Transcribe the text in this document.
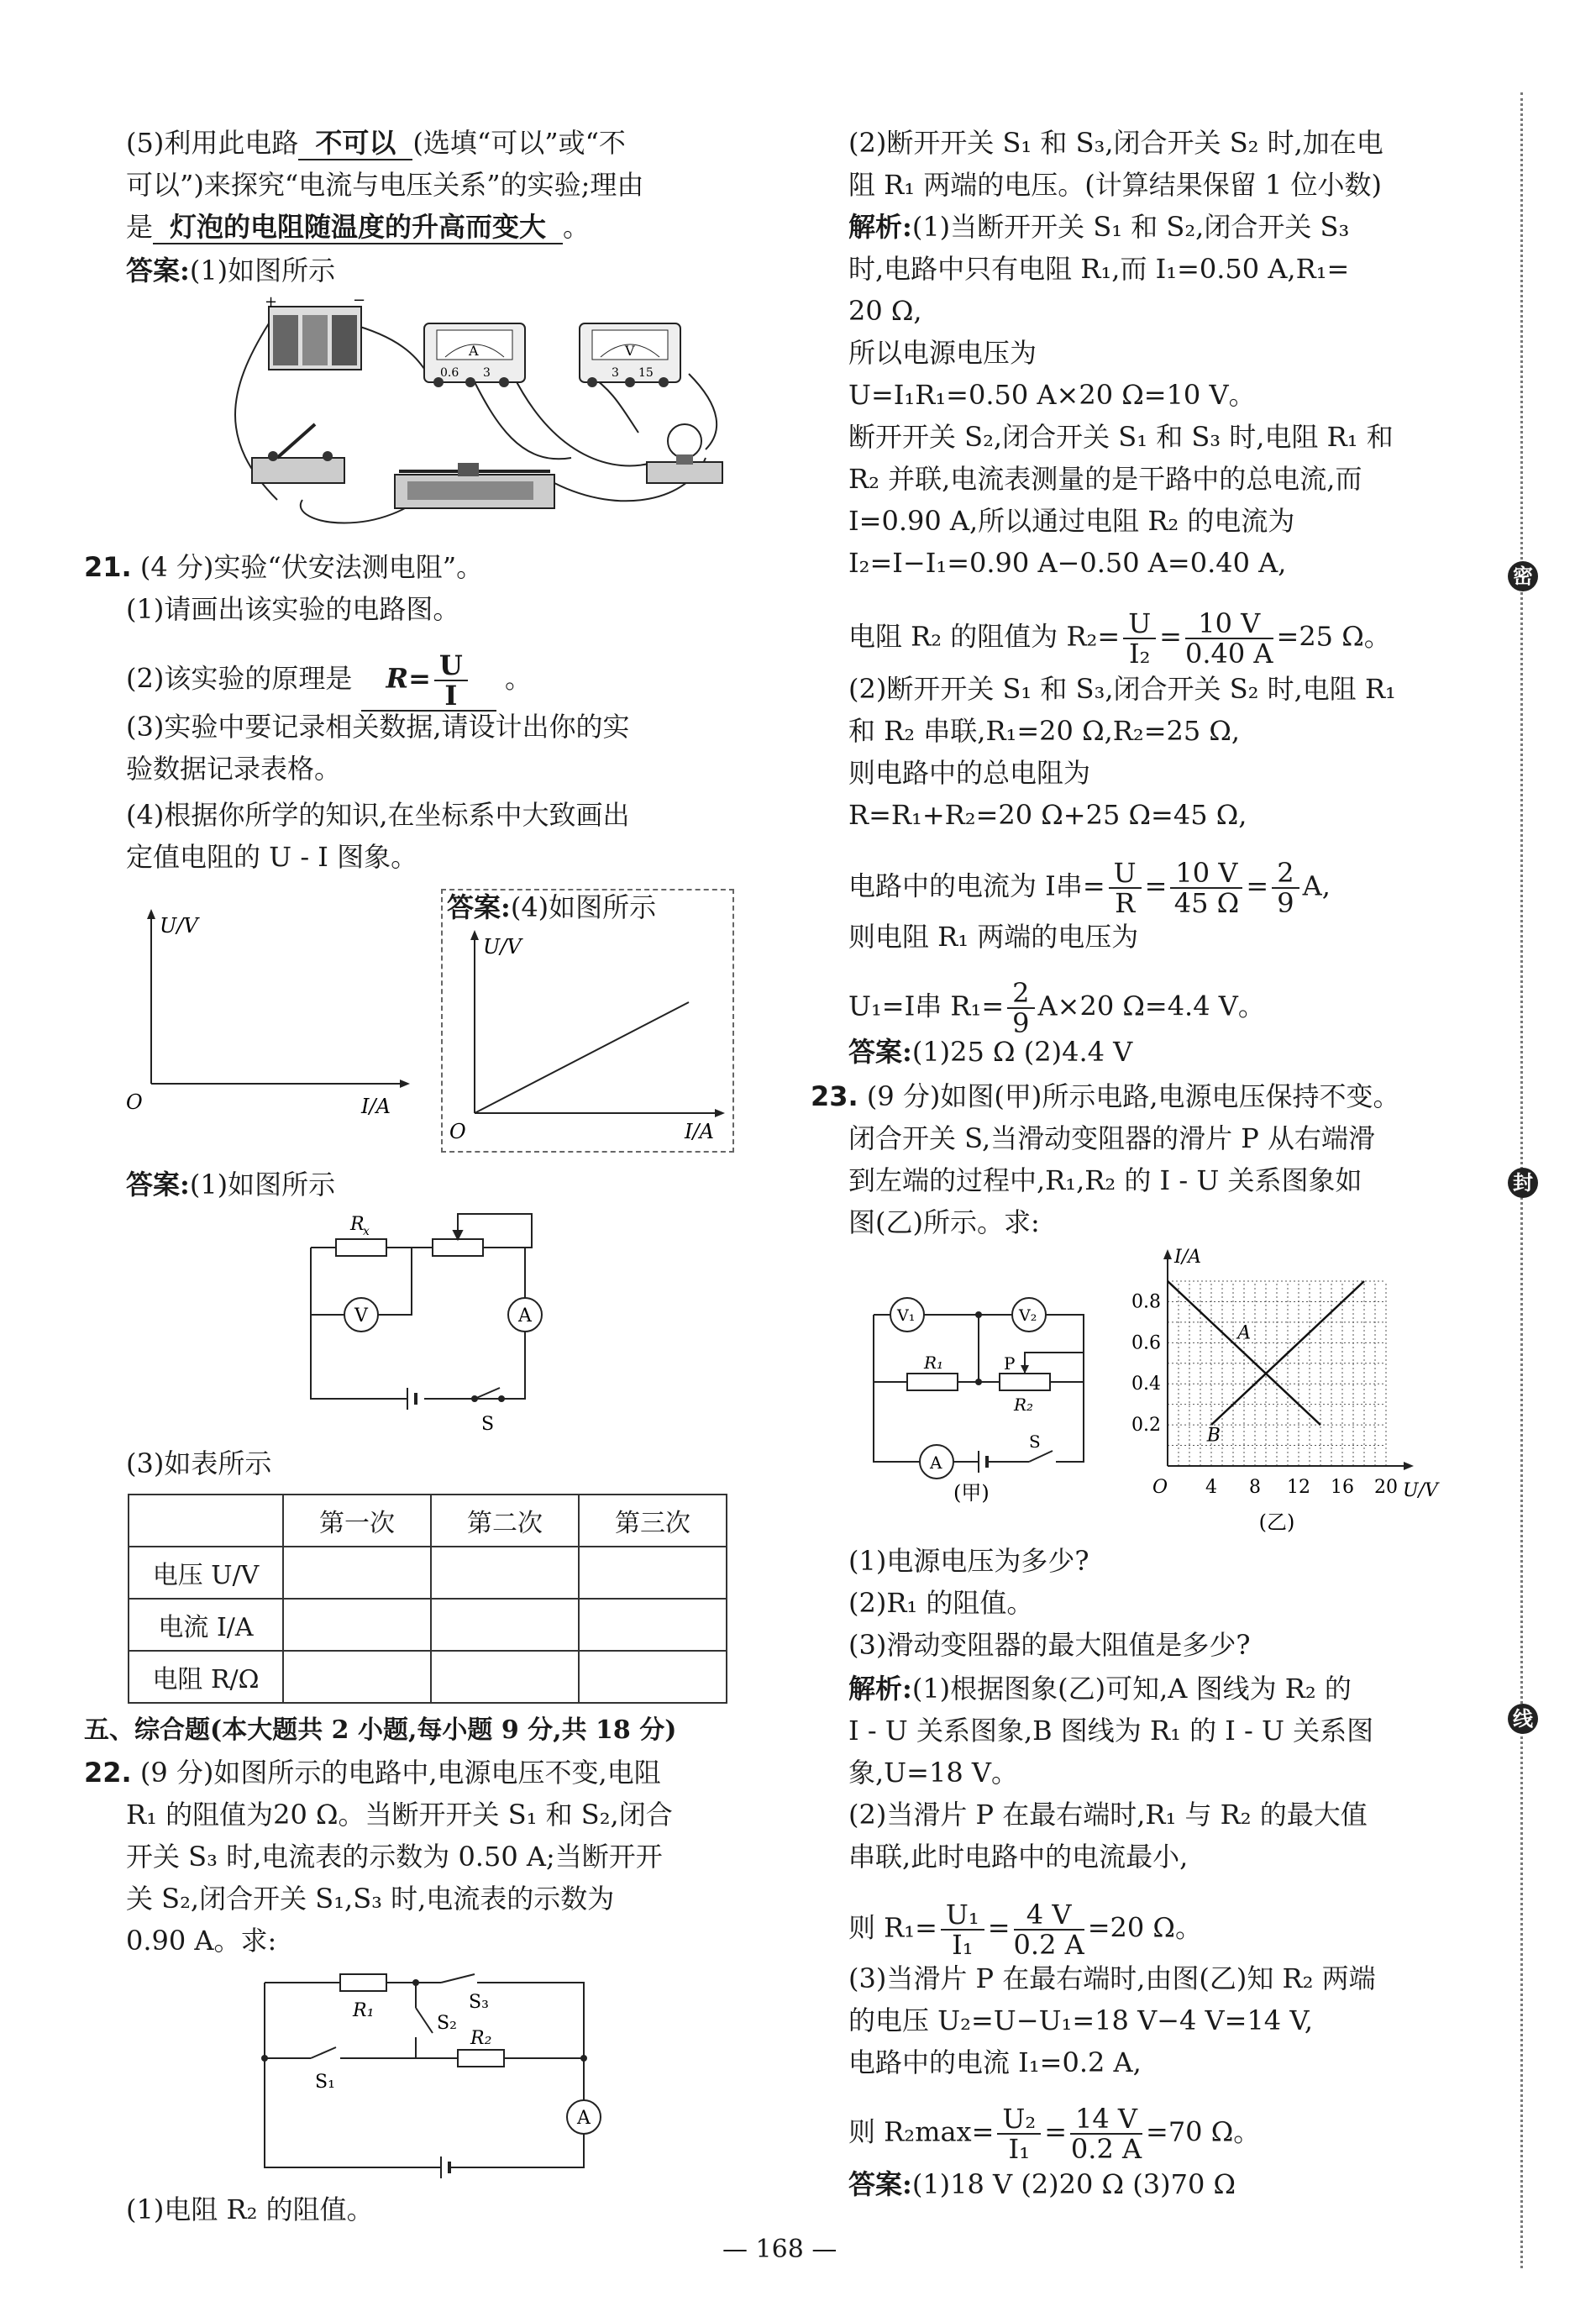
密
封
线
(5)利用此电路 不可以 (选填“可以”或“不
可以”)来探究“电流与电压关系”的实验;理由
是 灯泡的电阻随温度的升高而变大 。
答案:(1)如图所示
+	−
A
0.6 3
V
3 15
21. (4 分)实验“伏安法测电阻”。
(1)请画出该实验的电路图。
(2)该实验的原理是 $R= \frac{U}{I}$ 。
(3)实验中要记录相关数据,请设计出你的实
验数据记录表格。
(4)根据你所学的知识,在坐标系中大致画出
定值电阻的 U - I 图象。
U/V
I/A
O
答案:(4)如图所示
U/V
I/A
O
答案:(1)如图所示
R
x
V	A
S
(3)如表所示
	第一次	第二次	第三次
电压 U/V			
电流 I/A			
电阻 R/Ω			
五、综合题(本大题共 2 小题,每小题 9 分,共 18 分)
22. (9 分)如图所示的电路中,电源电压不变,电阻
R₁ 的阻值为20 Ω。当断开开关 S₁ 和 S₂,闭合
开关 S₃ 时,电流表的示数为 0.50 A;当断开开
关 S₂,闭合开关 S₁,S₃ 时,电流表的示数为
0.90 A。求:
R₁
R₂
S₂
S₃
S₁
A
(1)电阻 R₂ 的阻值。
(2)断开开关 S₁ 和 S₃,闭合开关 S₂ 时,加在电
阻 R₁ 两端的电压。(计算结果保留 1 位小数)
解析:(1)当断开开关 S₁ 和 S₂,闭合开关 S₃
时,电路中只有电阻 R₁,而 I₁=0.50 A,R₁=
20 Ω,
所以电源电压为
U=I₁R₁=0.50 A×20 Ω=10 V。
断开开关 S₂,闭合开关 S₁ 和 S₃ 时,电阻 R₁ 和
R₂ 并联,电流表测量的是干路中的总电流,而
I=0.90 A,所以通过电阻 R₂ 的电流为
I₂=I−I₁=0.90 A−0.50 A=0.40 A,
电阻 R₂ 的阻值为 $R_2= \frac{U}{\text{I₂}} = \frac{10 V}{0.40 A} =25$ Ω。
(2)断开开关 S₁ 和 S₃,闭合开关 S₂ 时,电阻 R₁
和 R₂ 串联,R₁=20 Ω,R₂=25 Ω,
则电路中的总电阻为
R=R₁+R₂=20 Ω+25 Ω=45 Ω,
电路中的电流为 I串= $\frac{U}{R} = \frac{10 V}{45 \Omega} = \frac{2}{9} A$,
则电阻 R₁ 两端的电压为
U₁=I串 $R_1= \frac{2}{9} A\times 20$ Ω=4.4 V。
答案:(1)25 Ω (2)4.4 V
23. (9 分)如图(甲)所示电路,电源电压保持不变。
闭合开关 S,当滑动变阻器的滑片 P 从右端滑
到左端的过程中,R₁,R₂ 的 I - U 关系图象如
图(乙)所示。求:
V₁	V₂
R₁
R₂
P
A
S
(甲)
I/A
U/V
O
(乙)
4 8 12 16 20
0.2
0.4
0.6
0.8
A
B
(1)电源电压为多少?
(2)R₁ 的阻值。
(3)滑动变阻器的最大阻值是多少?
解析:(1)根据图象(乙)可知,A 图线为 R₂ 的
I - U 关系图象,B 图线为 R₁ 的 I - U 关系图
象,U=18 V。
(2)当滑片 P 在最右端时,R₁ 与 R₂ 的最大值
串联,此时电路中的电流最小,
则 $R_1= \frac{\text{U₁}}{\text{I₁}} = \frac{4 V}{0.2 A} =20$ Ω。
(3)当滑片 P 在最右端时,由图(乙)知 R₂ 两端
的电压 U₂=U−U₁=18 V−4 V=14 V,
电路中的电流 I₁=0.2 A,
则 $R_2\max= \frac{\text{U₂}}{\text{I₁}} = \frac{14 V}{0.2 A} =70$ Ω。
答案:(1)18 V (2)20 Ω (3)70 Ω
— 168 —
